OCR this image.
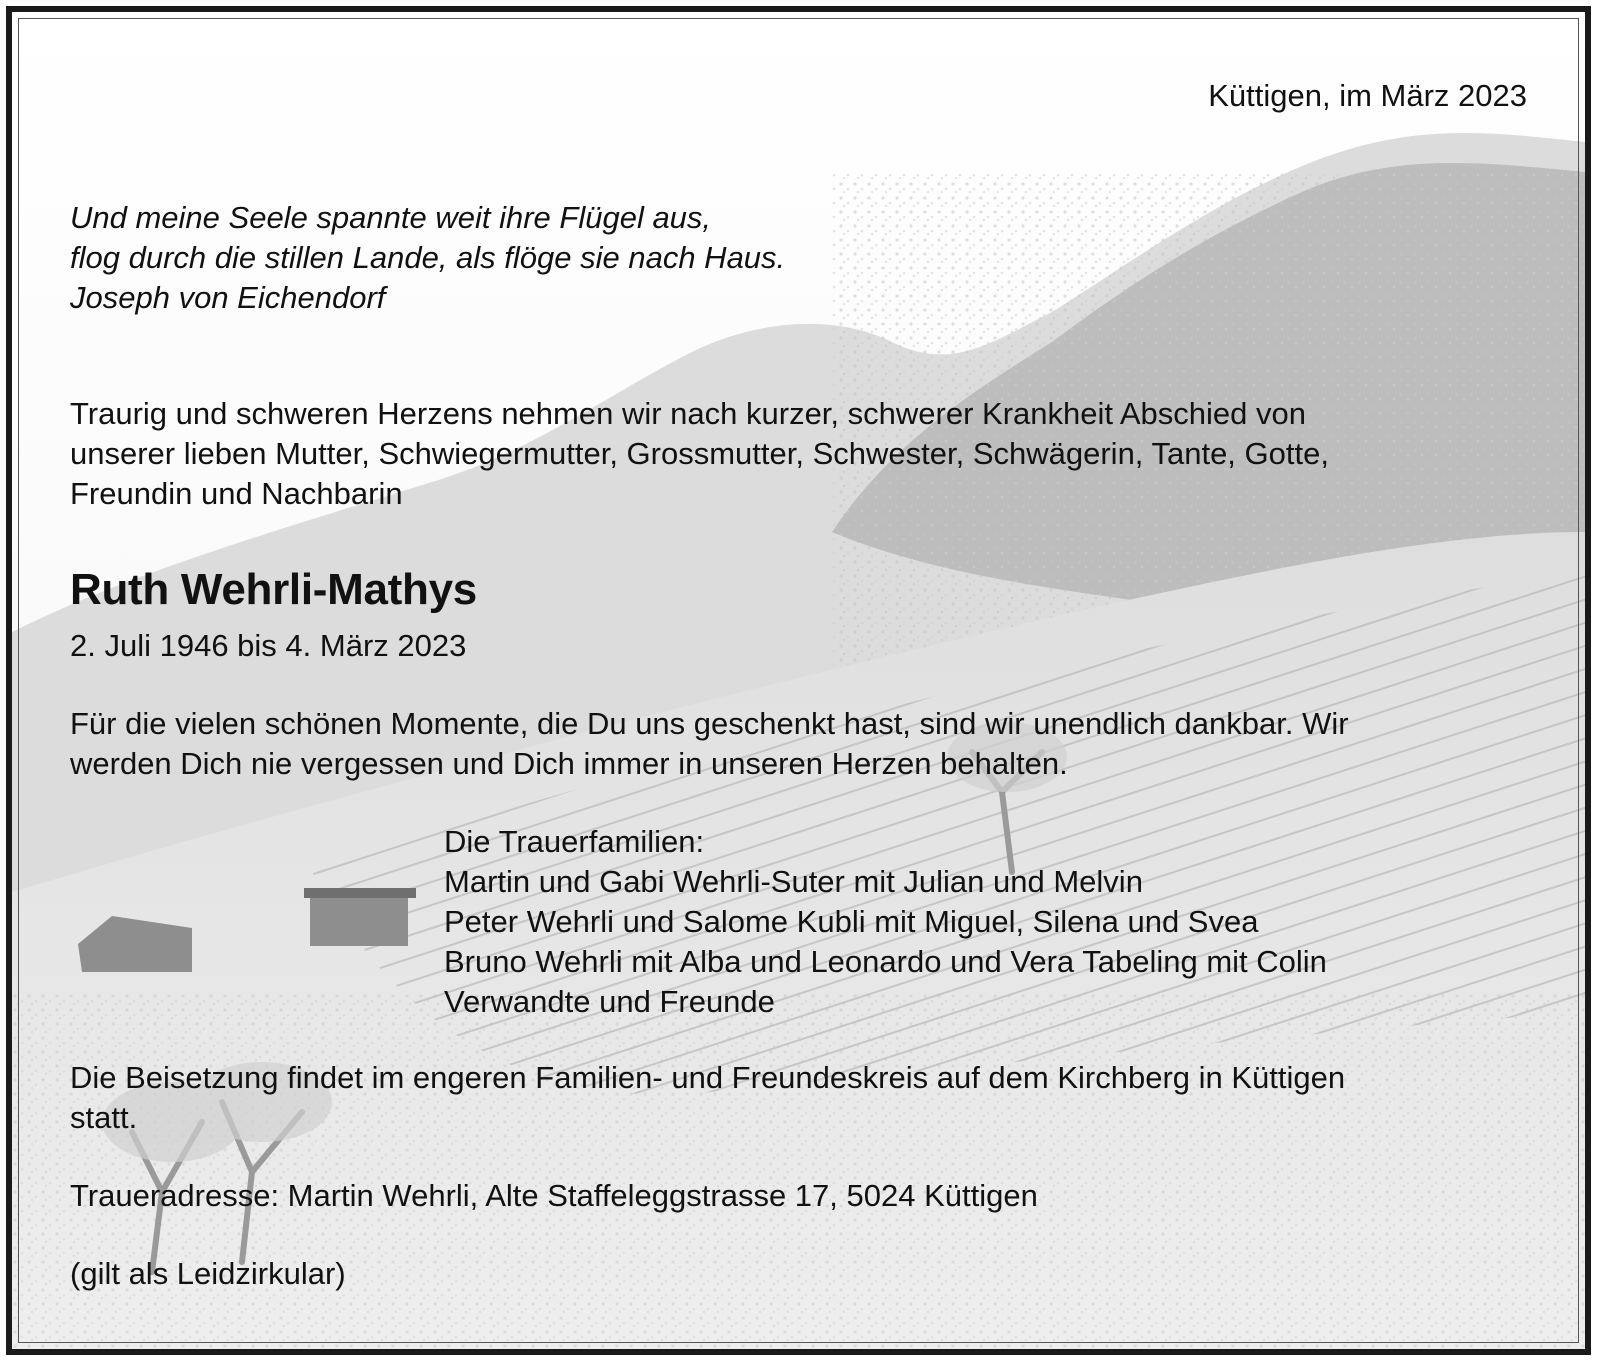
Küttigen, im März 2023

Und meine Seele spannte weit ihre Flügel aus,
flog durch die stillen Lande, als flöge sie nach Haus.
Joseph von Eichendorf

Traurig und schweren Herzens nehmen wir nach kurzer, schwerer Krankheit Abschied von
unserer lieben Mutter, Schwiegermutter, Grossmutter, Schwester, Schwägerin, Tante, Gotte,
Freundin und Nachbarin

Ruth Wehrli-Mathys

2. Juli 1946 bis 4. März 2023

Für die vielen schönen Momente, die Du uns geschenkt hast, sind wir unendlich dankbar. Wir
werden Dich nie vergessen und Dich immer in unseren Herzen behalten.

Die Trauerfamilien:
Martin und Gabi Wehrli-Suter mit Julian und Melvin
Peter Wehrli und Salome Kubli mit Miguel, Silena und Svea
Bruno Wehrli mit Alba und Leonardo und Vera Tabeling mit Colin
Verwandte und Freunde

Die Beisetzung findet im engeren Familien- und Freundeskreis auf dem Kirchberg in Küttigen
statt.

Traueradresse: Martin Wehrli, Alte Staffeleggstrasse 17, 5024 Küttigen

(gilt als Leidzirkular)
